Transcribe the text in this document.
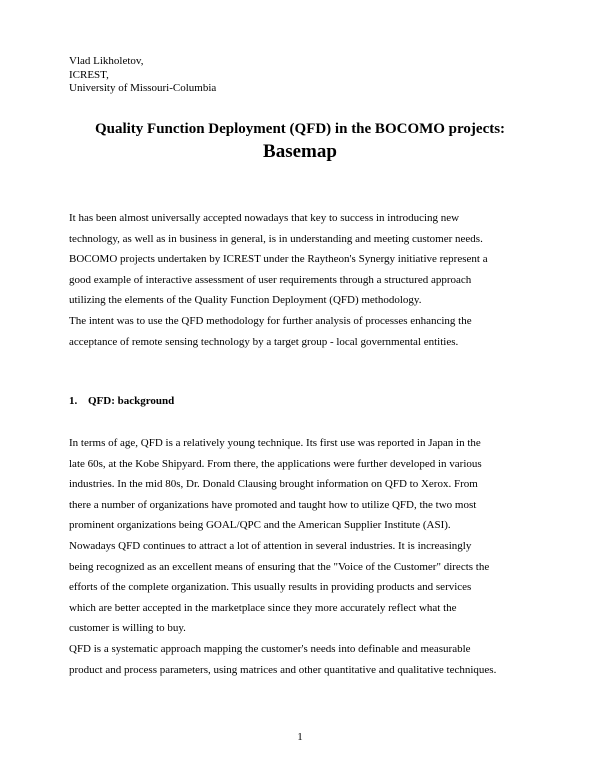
Vlad Likholetov,
ICREST,
University of Missouri-Columbia
Quality Function Deployment (QFD) in the BOCOMO projects:
Basemap
It has been almost universally accepted nowadays that key to success in introducing new
technology, as well as in business in general, is in understanding and meeting customer needs.
BOCOMO projects undertaken by ICREST under the Raytheon's Synergy initiative represent a
good example of interactive assessment of user requirements through a structured approach
utilizing the elements of the Quality Function Deployment (QFD) methodology.
The intent was to use the QFD methodology for further analysis of processes enhancing the
acceptance of remote sensing technology by a target group - local governmental entities.
1. QFD: background
In terms of age, QFD is a relatively young technique. Its first use was reported in Japan in the
late 60s, at the Kobe Shipyard. From there, the applications were further developed in various
industries. In the mid 80s, Dr. Donald Clausing brought information on QFD to Xerox. From
there a number of organizations have promoted and taught how to utilize QFD, the two most
prominent organizations being GOAL/QPC and the American Supplier Institute (ASI).
Nowadays QFD continues to attract a lot of attention in several industries. It is increasingly
being recognized as an excellent means of ensuring that the "Voice of the Customer" directs the
efforts of the complete organization. This usually results in providing products and services
which are better accepted in the marketplace since they more accurately reflect what the
customer is willing to buy.
QFD is a systematic approach mapping the customer's needs into definable and measurable
product and process parameters, using matrices and other quantitative and qualitative techniques.
1
